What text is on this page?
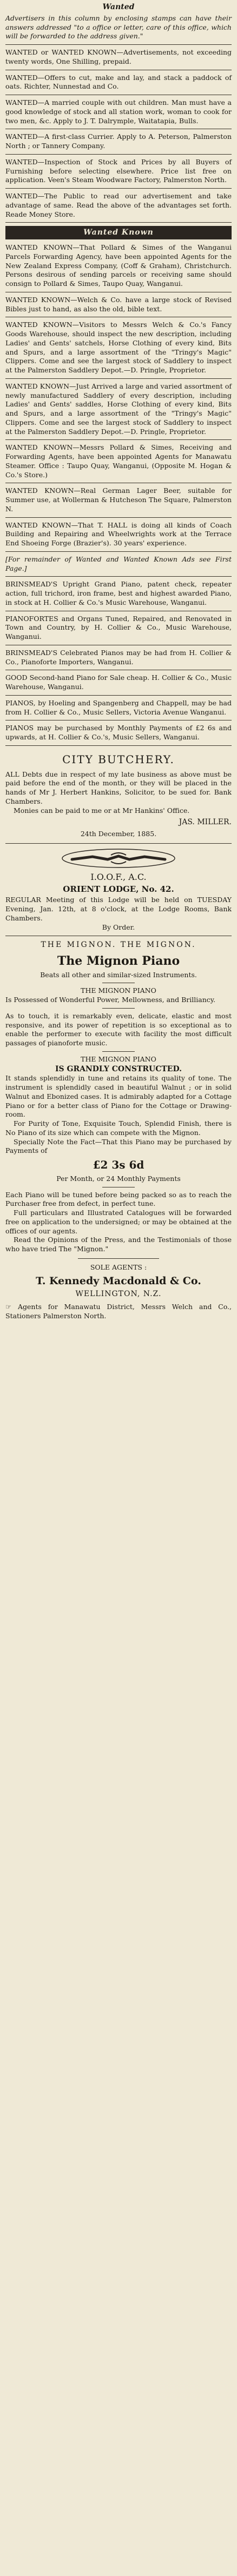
Wanted

Advertisers in this column by enclosing stamps can have their answers addressed "to a office or letter, care of this office, which will be forwarded to the address given."

WANTED or WANTED KNOWN—Advertisements, not exceeding twenty words, One Shilling, prepaid.

WANTED—Offers to cut, make and lay, and stack a paddock of oats. Richter, Nunnestad and Co.

WANTED—A married couple with out children. Man must have a good knowledge of stock and all station work, woman to cook for two men, &c. Apply to J. T. Dalrymple, Waitatapia, Bulls.

WANTED—A first-class Currier. Apply to A. Peterson, Palmerston North ; or Tannery Company.

WANTED—Inspection of Stock and Prices by all Buyers of Furnishing before selecting elsewhere. Price list free on application. Veen's Steam Woodware Factory, Palmerston North.

WANTED—The Public to read our advertisement and take advantage of same. Read the above of the advantages set forth. Reade Money Store.

Wanted Known

WANTED KNOWN—That Pollard & Simes of the Wanganui Parcels Forwarding Agency, have been appointed Agents for the New Zealand Express Company, (Coff & Graham), Christchurch. Persons desirous of sending parcels or receiving same should consign to Pollard & Simes, Taupo Quay, Wanganui.

WANTED KNOWN—Welch & Co. have a large stock of Revised Bibles just to hand, as also the old, bible text.

WANTED KNOWN—Visitors to Messrs Welch & Co.'s Fancy Goods Warehouse, should inspect the new description, including Ladies' and Gents' satchels, Horse Clothing of every kind, Bits and Spurs, and a large assortment of the "Tringy's Magic" Clippers. Come and see the largest stock of Saddlery to inspect at the Palmerston Saddlery Depot.—D. Pringle, Proprietor.

WANTED KNOWN—Just Arrived a large and varied assortment of newly manufactured Saddlery of every description, including Ladies' and Gents' saddles, Horse Clothing of every kind, Bits and Spurs, and a large assortment of the "Tringy's Magic" Clippers. Come and see the largest stock of Saddlery to inspect at the Palmerston Saddlery Depot.—D. Pringle, Proprietor.

WANTED KNOWN—Messrs Pollard & Simes, Receiving and Forwarding Agents, have been appointed Agents for Manawatu Steamer. Office : Taupo Quay, Wanganui, (Opposite M. Hogan & Co.'s Store.)

WANTED KNOWN—Real German Lager Beer, suitable for Summer use, at Wollerman & Hutcheson The Square, Palmerston N.

WANTED KNOWN—That T. HALL is doing all kinds of Coach Building and Repairing and Wheelwrights work at the Terrace End Shoeing Forge (Brazier's). 30 years' experience.

[For remainder of Wanted and Wanted Known Ads see First Page.]

BRINSMEAD'S Upright Grand Piano, patent check, repeater action, full trichord, iron frame, best and highest awarded Piano, in stock at H. Collier & Co.'s Music Warehouse, Wanganui.

PIANOFORTES and Organs Tuned, Repaired, and Renovated in Town and Country, by H. Collier & Co., Music Warehouse, Wanganui.

BRINSMEAD'S Celebrated Pianos may be had from H. Collier & Co., Pianoforte Importers, Wanganui.

GOOD Second-hand Piano for Sale cheap. H. Collier & Co., Music Warehouse, Wanganui.

PIANOS, by Hoeling and Spangenberg and Chappell, may be had from H. Collier & Co., Music Sellers, Victoria Avenue Wanganui.

PIANOS may be purchased by Monthly Payments of £2 6s and upwards, at H. Collier & Co.'s, Music Sellers, Wanganui.

CITY BUTCHERY.

ALL Debts due in respect of my late business as above must be paid before the end of the month, or they will be placed in the hands of Mr J. Herbert Hankins, Solicitor, to be sued for. Bank Chambers.

Monies can be paid to me or at Mr Hankins' Office.

JAS. MILLER.
24th December, 1885.
I.O.O.F., A.C.
ORIENT LODGE, No. 42.

REGULAR Meeting of this Lodge will be held on TUESDAY Evening, Jan. 12th, at 8 o'clock, at the Lodge Rooms, Bank Chambers.

By Order.
THE MIGNON. THE MIGNON.
The Mignon Piano
Beats all other and similar-sized Instruments.
THE MIGNON PIANO

Is Possessed of Wonderful Power, Mellowness, and Brilliancy.

As to touch, it is remarkably even, delicate, elastic and most responsive, and its power of repetition is so exceptional as to enable the performer to execute with facility the most difficult passages of pianoforte music.

THE MIGNON PIANO
IS GRANDLY CONSTRUCTED.

It stands splendidly in tune and retains its quality of tone. The instrument is splendidly cased in beautiful Walnut ; or in solid Walnut and Ebonized cases. It is admirably adapted for a Cottage Piano or for a better class of Piano for the Cottage or Drawing-room.

For Purity of Tone, Exquisite Touch, Splendid Finish, there is No Piano of its size which can compete with the Mignon.

Specially Note the Fact—That this Piano may be purchased by Payments of

£2 3s 6d
Per Month, or 24 Monthly Payments

Each Piano will be tuned before being packed so as to reach the Purchaser free from defect, in perfect tune.

Full particulars and Illustrated Catalogues will be forwarded free on application to the undersigned; or may be obtained at the offices of our agents.

Read the Opinions of the Press, and the Testimonials of those who have tried The "Mignon."

SOLE AGENTS :
T. Kennedy Macdonald & Co.
WELLINGTON, N.Z.

☞ Agents for Manawatu District, Messrs Welch and Co., Stationers Palmerston North.
